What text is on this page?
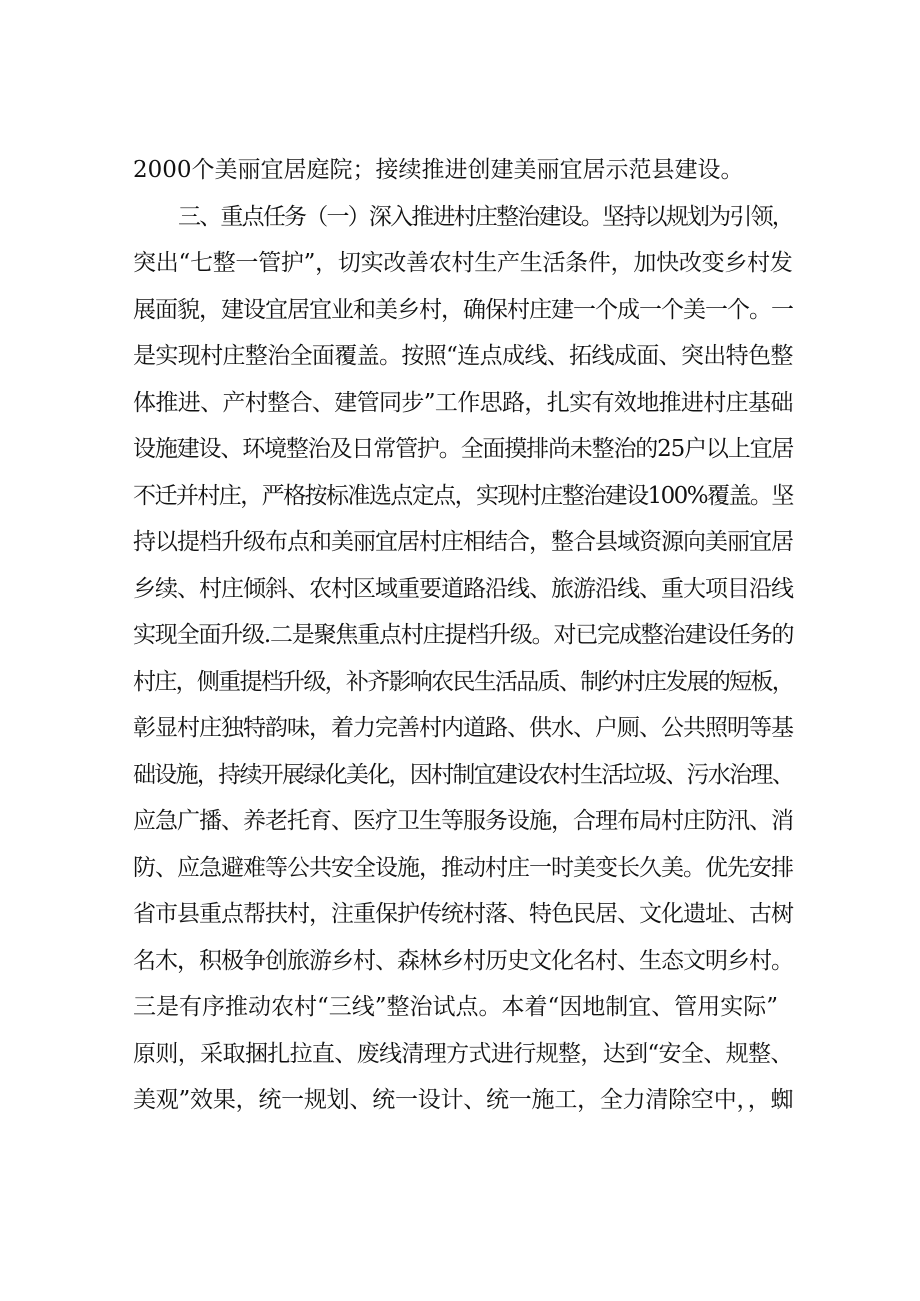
2000个美丽宜居庭院；接续推进创建美丽宜居示范县建设。
三、重点任务（一）深入推进村庄整治建设。坚持以规划为引领，
突出“七整一管护”，切实改善农村生产生活条件，加快改变乡村发
展面貌，建设宜居宜业和美乡村，确保村庄建一个成一个美一个。一
是实现村庄整治全面覆盖。按照“连点成线、拓线成面、突出特色整
体推进、产村整合、建管同步”工作思路，扎实有效地推进村庄基础
设施建设、环境整治及日常管护。全面摸排尚未整治的25户以上宜居
不迁并村庄，严格按标准选点定点，实现村庄整治建设100%覆盖。坚
持以提档升级布点和美丽宜居村庄相结合，整合县域资源向美丽宜居
乡续、村庄倾斜、农村区域重要道路沿线、旅游沿线、重大项目沿线
实现全面升级.二是聚焦重点村庄提档升级。对已完成整治建设任务的
村庄，侧重提档升级，补齐影响农民生活品质、制约村庄发展的短板，
彰显村庄独特韵味，着力完善村内道路、供水、户厕、公共照明等基
础设施，持续开展绿化美化，因村制宜建设农村生活垃圾、污水治理、
应急广播、养老托育、医疗卫生等服务设施，合理布局村庄防汛、消
防、应急避难等公共安全设施，推动村庄一时美变长久美。优先安排
省市县重点帮扶村，注重保护传统村落、特色民居、文化遗址、古树
名木，积极争创旅游乡村、森林乡村历史文化名村、生态文明乡村。
三是有序推动农村“三线”整治试点。本着“因地制宜、管用实际”
原则，采取捆扎拉直、废线清理方式进行规整，达到“安全、规整、
美观”效果，统一规划、统一设计、统一施工，全力清除空中，，蜘
